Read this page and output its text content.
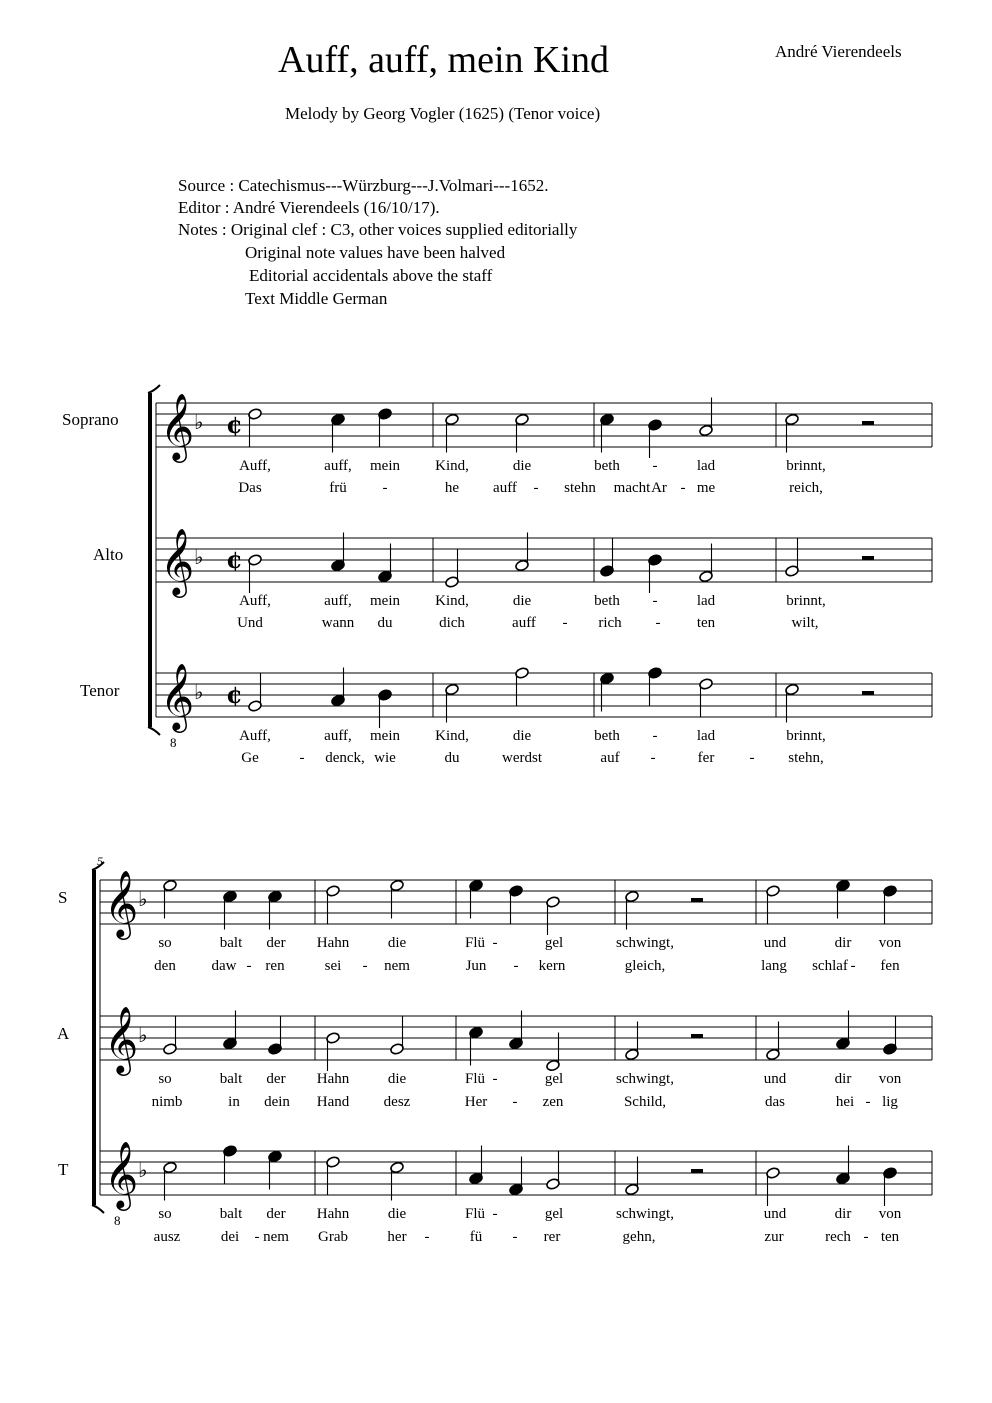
Auff, auff, mein Kind	André Vierendeels
Melody by Georg Vogler (1625) (Tenor voice)
Source : Catechismus---Würzburg---J.Volmari---1652.
Editor : André Vierendeels (16/10/17).
Notes : Original clef : C3, other voices supplied editorially
Original note values have been halved
Editorial accidentals above the staff
Text Middle German
Soprano
Alto
Tenor
S
A
T
5
𝄞 ♭ ¢
𝄞 ♭ ¢
𝄞
8
♭ ¢
𝄞 ♭
𝄞 ♭
𝄞
8
♭
Auff,	auff, mein Kind,	die	beth -	lad	brinnt,
Das	frü -	he auff - stehn macht Ar - me	reich,
Auff,	auff, mein Kind,	die	beth -	lad	brinnt,
Und	wann du	dich	auff - rich - ten	wilt,
Auff,	auff, mein Kind,	die	beth -	lad	brinnt,
Ge	- denck, wie	du	werdst	auf -	fer - stehn,
so	balt der Hahn	die	Flü -	gel	schwingt,	und	dir von
den daw - ren	sei - nem	Jun - kern	gleich,	lang schlaf - fen
so	balt der Hahn	die	Flü -	gel	schwingt,	und	dir von
nimb	in dein Hand desz	Her - zen	Schild,	das	hei - lig
so	balt der Hahn	die	Flü -	gel	schwingt,	und	dir von
ausz	dei - nem Grab	her -	fü - rer	gehn,	zur	rech - ten
